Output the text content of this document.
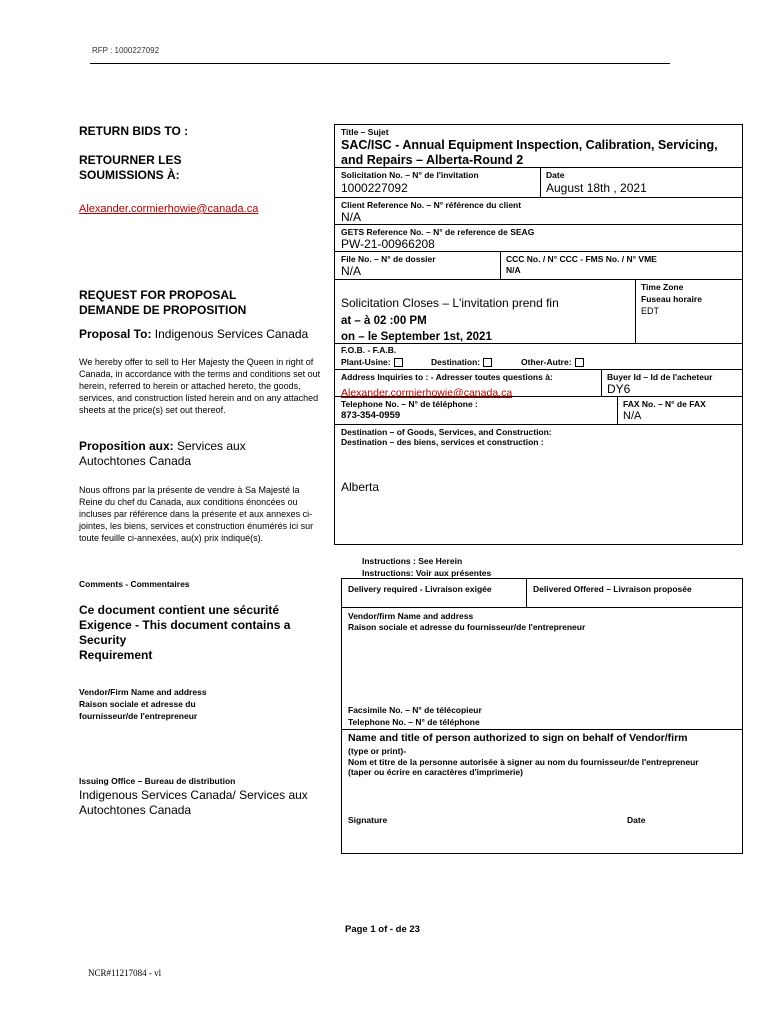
RFP : 1000227092
RETURN BIDS TO :
RETOURNER LES
SOUMISSIONS À:
Alexander.cormierhowie@canada.ca
REQUEST FOR PROPOSAL
DEMANDE DE PROPOSITION
Proposal To: Indigenous Services Canada
We hereby offer to sell to Her Majesty the Queen in right of Canada, in accordance with the terms and conditions set out herein, referred to herein or attached hereto, the goods, services, and construction listed herein and on any attached sheets at the price(s) set out thereof.
Proposition aux: Services aux Autochtones Canada
Nous offrons par la présente de vendre à Sa Majesté la Reine du chef du Canada, aux conditions énoncées ou incluses par référence dans la présente et aux annexes ci-jointes, les biens, services et construction énumérés ici sur toute feuille ci-annexées, au(x) prix indiqué(s).
Comments - Commentaires
Ce document contient une sécurité
Exigence - This document contains a
Security
Requirement
Vendor/Firm Name and address
Raison sociale et adresse du
fournisseur/de l'entrepreneur
Issuing Office – Bureau de distribution
Indigenous Services Canada/ Services aux Autochtones Canada
Title – Sujet
SAC/ISC - Annual Equipment Inspection, Calibration, Servicing, and Repairs – Alberta-Round 2
Solicitation No. – N° de l'invitation
1000227092
Date
August 18th , 2021
Client Reference No. – N° référence du client
N/A
GETS Reference No. – N° de reference de SEAG
PW-21-00966208
File No. – N° de dossier
N/A
CCC No. / N° CCC - FMS No. / N° VME
N/A
Solicitation Closes – L'invitation prend fin
at – à 02 :00 PM
on – le September 1st, 2021
Time Zone
Fuseau horaire
EDT
F.O.B. - F.A.B.
Plant-Usine:	Destination:	Other-Autre:
Address Inquiries to : - Adresser toutes questions à:
Alexander.cormierhowie@canada.ca
Buyer Id – Id de l'acheteur
DY6
Telephone No. – N° de téléphone :
873-354-0959
FAX No. – N° de FAX
N/A
Destination – of Goods, Services, and Construction:
Destination – des biens, services et construction :
Alberta
Instructions : See Herein
Instructions: Voir aux présentes
Delivery required - Livraison exigée	Delivered Offered – Livraison proposée
Vendor/firm Name and address
Raison sociale et adresse du fournisseur/de l'entrepreneur
Facsimile No. – N° de télécopieur
Telephone No. – N° de téléphone
Name and title of person authorized to sign on behalf of Vendor/firm
(type or print)-
Nom et titre de la personne autorisée à signer au nom du fournisseur/de l'entrepreneur (taper ou écrire en caractères d'imprimerie)
Signature	Date
Page 1 of - de 23
NCR#11217084 - vl
